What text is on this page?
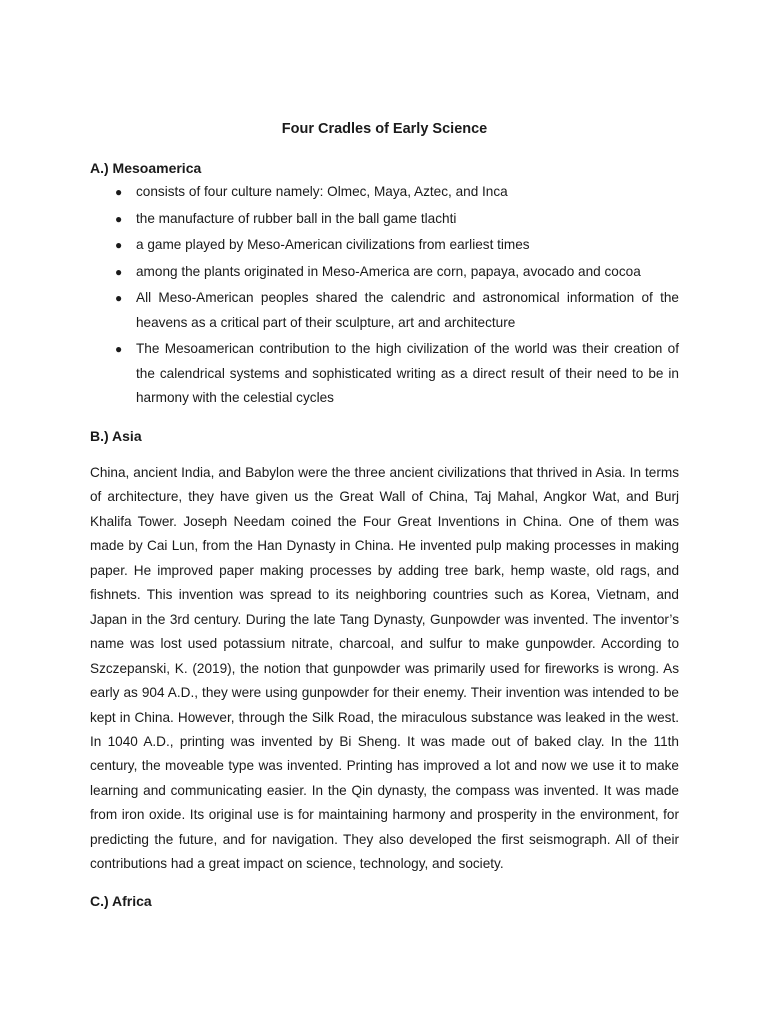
Four Cradles of Early Science
A.) Mesoamerica
● consists of four culture namely: Olmec, Maya, Aztec, and Inca
● the manufacture of rubber ball in the ball game tlachti
● a game played by Meso-American civilizations from earliest times
● among the plants originated in Meso-America are corn, papaya, avocado and cocoa
● All Meso-American peoples shared the calendric and astronomical information of the heavens as a critical part of their sculpture, art and architecture
● The Mesoamerican contribution to the high civilization of the world was their creation of the calendrical systems and sophisticated writing as a direct result of their need to be in harmony with the celestial cycles
B.) Asia

China, ancient India, and Babylon were the three ancient civilizations that thrived in Asia. In terms of architecture, they have given us the Great Wall of China, Taj Mahal, Angkor Wat, and Burj Khalifa Tower. Joseph Needam coined the Four Great Inventions in China. One of them was made by Cai Lun, from the Han Dynasty in China. He invented pulp making processes in making paper. He improved paper making processes by adding tree bark, hemp waste, old rags, and fishnets. This invention was spread to its neighboring countries such as Korea, Vietnam, and Japan in the 3rd century. During the late Tang Dynasty, Gunpowder was invented. The inventor’s name was lost used potassium nitrate, charcoal, and sulfur to make gunpowder. According to Szczepanski, K. (2019), the notion that gunpowder was primarily used for fireworks is wrong. As early as 904 A.D., they were using gunpowder for their enemy. Their invention was intended to be kept in China. However, through the Silk Road, the miraculous substance was leaked in the west. In 1040 A.D., printing was invented by Bi Sheng. It was made out of baked clay. In the 11th century, the moveable type was invented. Printing has improved a lot and now we use it to make learning and communicating easier. In the Qin dynasty, the compass was invented. It was made from iron oxide. Its original use is for maintaining harmony and prosperity in the environment, for predicting the future, and for navigation. They also developed the first seismograph. All of their contributions had a great impact on science, technology, and society.

C.) Africa
